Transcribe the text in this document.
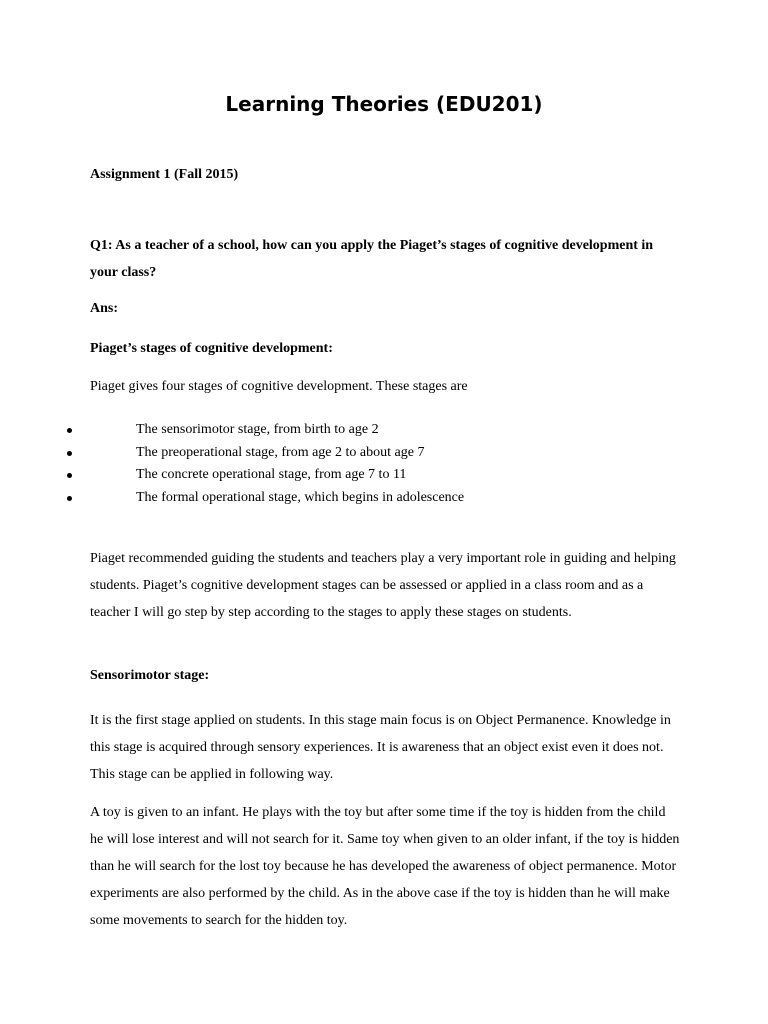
Learning Theories (EDU201)

Assignment 1 (Fall 2015)

Q1: As a teacher of a school, how can you apply the Piaget’s stages of cognitive development in your class?

Ans:

Piaget’s stages of cognitive development:

Piaget gives four stages of cognitive development. These stages are

The sensorimotor stage, from birth to age 2
The preoperational stage, from age 2 to about age 7
The concrete operational stage, from age 7 to 11
The formal operational stage, which begins in adolescence

Piaget recommended guiding the students and teachers play a very important role in guiding and helping students. Piaget’s cognitive development stages can be assessed or applied in a class room and as a teacher I will go step by step according to the stages to apply these stages on students.

Sensorimotor stage:

It is the first stage applied on students. In this stage main focus is on Object Permanence. Knowledge in this stage is acquired through sensory experiences. It is awareness that an object exist even it does not. This stage can be applied in following way.

A toy is given to an infant. He plays with the toy but after some time if the toy is hidden from the child he will lose interest and will not search for it. Same toy when given to an older infant, if the toy is hidden than he will search for the lost toy because he has developed the awareness of object permanence. Motor experiments are also performed by the child. As in the above case if the toy is hidden than he will make some movements to search for the hidden toy.
